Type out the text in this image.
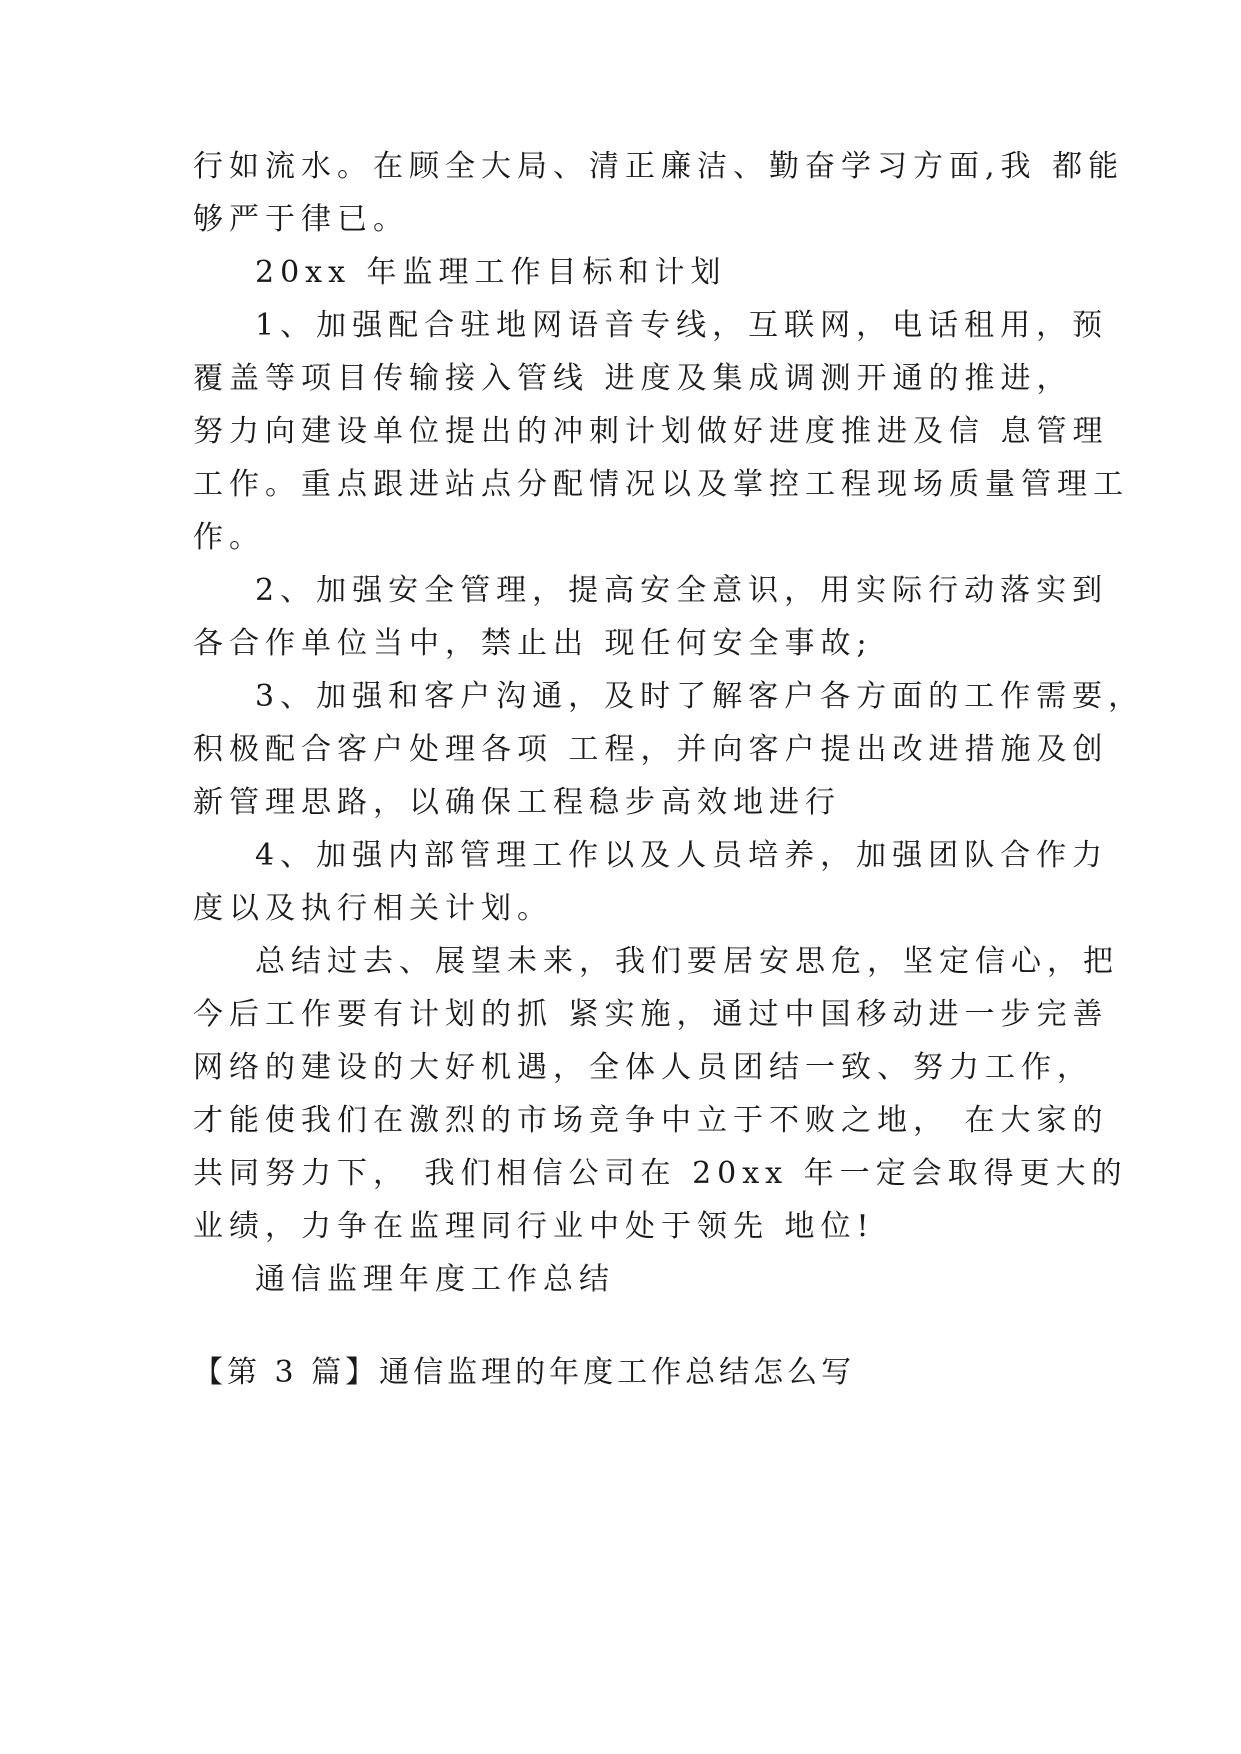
行如流水。在顾全大局、清正廉洁、勤奋学习方面,我 都能
够严于律已。
20xx 年监理工作目标和计划
1、加强配合驻地网语音专线，互联网，电话租用，预
覆盖等项目传输接入管线 进度及集成调测开通的推进，
努力向建设单位提出的冲刺计划做好进度推进及信 息管理
工作。重点跟进站点分配情况以及掌控工程现场质量管理工
作。
2、加强安全管理，提高安全意识，用实际行动落实到
各合作单位当中，禁止出 现任何安全事故;
3、加强和客户沟通，及时了解客户各方面的工作需要，
积极配合客户处理各项 工程，并向客户提出改进措施及创
新管理思路，以确保工程稳步高效地进行
4、加强内部管理工作以及人员培养，加强团队合作力
度以及执行相关计划。
总结过去、展望未来，我们要居安思危，坚定信心，把
今后工作要有计划的抓 紧实施，通过中国移动进一步完善
网络的建设的大好机遇，全体人员团结一致、努力工作，
才能使我们在激烈的市场竞争中立于不败之地， 在大家的
共同努力下， 我们相信公司在 20xx 年一定会取得更大的
业绩，力争在监理同行业中处于领先 地位!
通信监理年度工作总结
【第 3 篇】通信监理的年度工作总结怎么写
